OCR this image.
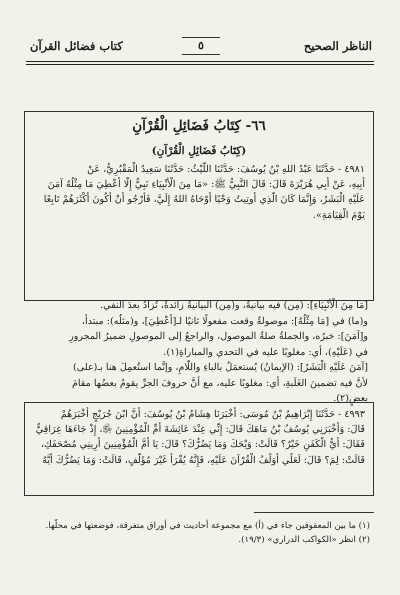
الناظر الصحيح
٥
كتاب فضائل القرآن
٦٦- كِتَابُ فَضَائِلِ الْقُرْآنِ
(كِتَابُ فَضَائِلِ الْقُرْآنِ)
٤٩٨١ - حَدَّثَنَا عَبْدُ اللهِ بْنُ يُوسُفَ: حَدَّثَنَا اللَّيْثُ: حَدَّثَنَا سَعِيدٌ الْمَقْبُرِيُّ، عَنْ
أَبِيهِ، عَنْ أَبِي هُرَيْرَةَ قَالَ: قَالَ النَّبِيُّ ﷺ: «مَا مِنَ الْأَنْبِيَاءِ نَبِيٌّ إِلَّا أُعْطِيَ مَا مِثْلُهُ آمَنَ
عَلَيْهِ الْبَشَرُ، وَإِنَّمَا كَانَ الَّذِي أُوتِيتُ وَحْيًا أَوْحَاهُ اللهُ إِلَيَّ، فَأَرْجُو أَنْ أَكُونَ أَكْثَرَهُمْ تَابِعًا
يَوْمَ الْقِيَامَةِ».
[مَا مِنَ الْأَنْبِيَاءِ]: (مِن) فيه بيانيةٌ، و(مِن) البيانيةُ زائدةٌ، تُزادُ بعدَ النفي.
و(ما) في [مَا مِثْلُهُ]: موصولةٌ وقعت مفعولًا ثانيًا لـ[أُعْطِيَ]، و(مثلُه): مبتدأٌ،
و[آمَنَ]: خبرُه، والجملةُ صلةُ الموصول، والراجعُ إلى الموصولِ ضميرُ المجرورِ
في (عَلَيْهِ)، أي: مغلوبًا عليه في التحدي والمباراةِ(١).
[آمَنَ عَلَيْهِ الْبَشَرُ]: (الإيمانُ) يُستعمَلُ بالباءِ واللّامِ، وإنَّما استُعمِلَ هنا بـ(على)
لأنَّ فيه تضمينَ الغَلَبةِ، أي: مغلوبًا عليه، مع أنَّ حروفَ الجرِّ يقومُ بعضُها مقامَ
بعضٍ(٢).
٤٩٩٣ - حَدَّثَنَا إِبْرَاهِيمُ بْنُ مُوسَى: أَخْبَرَنَا هِشَامُ بْنُ يُوسُفَ: أَنَّ ابْنَ جُرَيْجٍ أَخْبَرَهُمْ
قَالَ: وَأَخْبَرَنِي يُوسُفُ بْنُ مَاهَكَ قَالَ: إِنِّي عِنْدَ عَائِشَةَ أُمِّ الْمُؤْمِنِينَ ﵂، إِذْ جَاءَهَا عِرَاقِيٌّ
فَقَالَ: أَيُّ الْكَفَنِ خَيْرٌ؟ قَالَتْ: وَيْحَكَ وَمَا يَضُرُّكَ؟ قَالَ: يَا أُمَّ الْمُؤْمِنِينَ أَرِينِي مُصْحَفَكِ،
قَالَتْ: لِمَ؟ قَالَ: لَعَلِّي أُوَلِّفُ الْقُرْآنَ عَلَيْهِ، فَإِنَّهُ يُقْرَأُ غَيْرَ مُؤَلَّفٍ، قَالَتْ: وَمَا يَضُرُّكَ أَيَّهُ
(١) ما بين المعقوفين جاء في (أ) مع مجموعة أحاديث في أوراق متفرقة، فوضعتها في محلّها.
(٢) انظر «الكواكب الدراري» (١٩/٣).
